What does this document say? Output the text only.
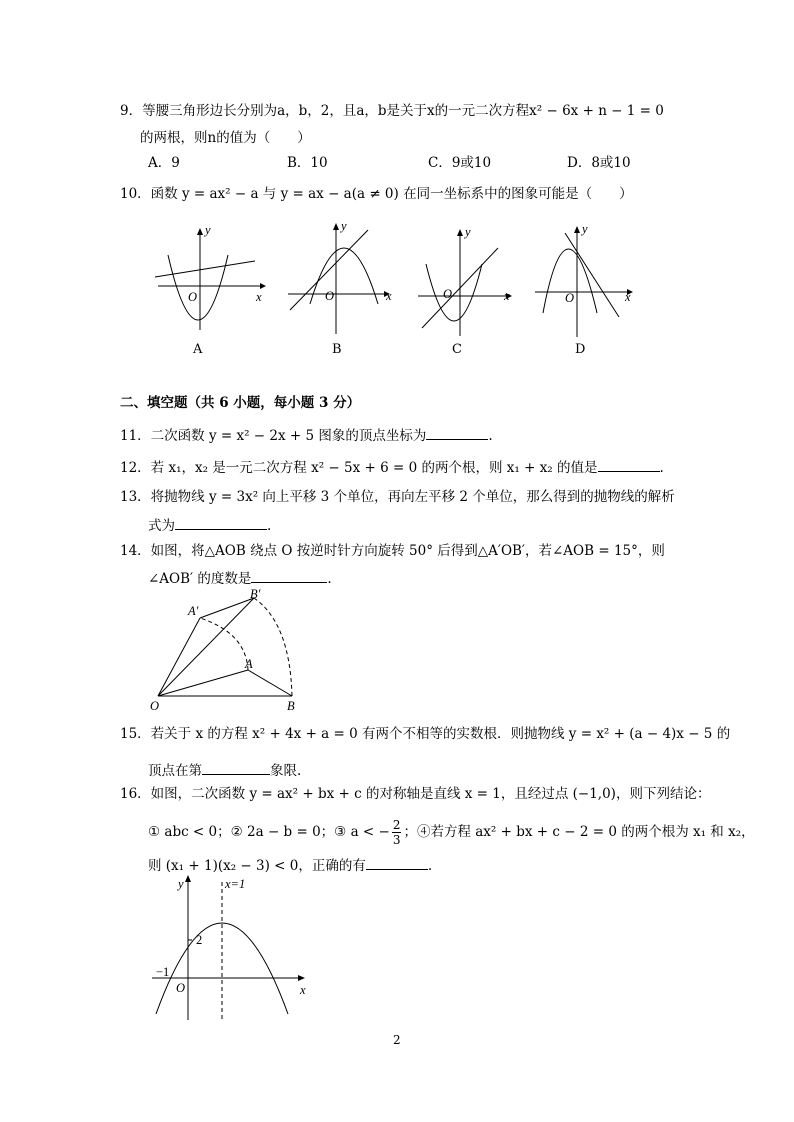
9．等腰三角形边长分别为a，b，2，且a，b是关于x的一元二次方程x² − 6x + n − 1 = 0
的两根，则n的值为（　　）
A．9	B．10	C．9或10	D．8或10
10．函数 y = ax² − a 与 y = ax − a(a ≠ 0) 在同一坐标系中的图象可能是（　　）
y
x
O
A
y
x
O
B
y
x
O
C
y
x
O
D
二、填空题（共 6 小题，每小题 3 分）
11．二次函数 y = x² − 2x + 5 图象的顶点坐标为	.
12．若 x₁，x₂ 是一元二次方程 x² − 5x + 6 = 0 的两个根，则 x₁ + x₂ 的值是	.
13．将抛物线 y = 3x² 向上平移 3 个单位，再向左平移 2 个单位，那么得到的抛物线的解析
式为	.
14．如图，将△AOB 绕点 O 按逆时针方向旋转 50° 后得到△A′OB′，若∠AOB = 15°，则
∠AOB′ 的度数是	.
A′
B′
A
O	B
15．若关于 x 的方程 x² + 4x + a = 0 有两个不相等的实数根．则抛物线 y = x² + (a − 4)x − 5 的
顶点在第	象限.
16．如图，二次函数 y = ax² + bx + c 的对称轴是直线 x = 1，且经过点 (−1,0)，则下列结论：
① abc < 0；② 2a − b = 0；③ a < − $\frac{2}{3}$ ；④若方程 ax² + bx + c − 2 = 0 的两个根为 x₁ 和 x₂，
则 (x₁ + 1)(x₂ − 3) < 0，正确的有	.
y	x=1
2
−1
O	x
2
